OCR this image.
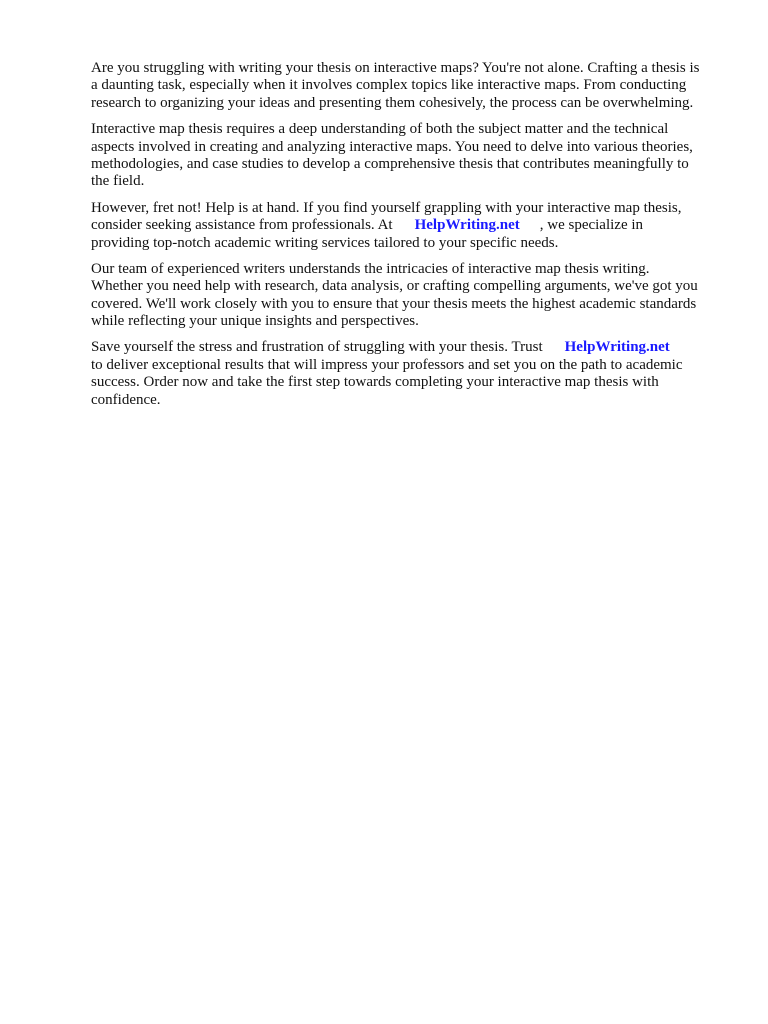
Are you struggling with writing your thesis on interactive maps? You're not alone. Crafting a thesis is
a daunting task, especially when it involves complex topics like interactive maps. From conducting
research to organizing your ideas and presenting them cohesively, the process can be overwhelming.

Interactive map thesis requires a deep understanding of both the subject matter and the technical
aspects involved in creating and analyzing interactive maps. You need to delve into various theories,
methodologies, and case studies to develop a comprehensive thesis that contributes meaningfully to
the field.

However, fret not! Help is at hand. If you find yourself grappling with your interactive map thesis,
consider seeking assistance from professionals. At HelpWriting.net , we specialize in
providing top-notch academic writing services tailored to your specific needs.

Our team of experienced writers understands the intricacies of interactive map thesis writing.
Whether you need help with research, data analysis, or crafting compelling arguments, we've got you
covered. We'll work closely with you to ensure that your thesis meets the highest academic standards
while reflecting your unique insights and perspectives.

Save yourself the stress and frustration of struggling with your thesis. Trust HelpWriting.net
to deliver exceptional results that will impress your professors and set you on the path to academic
success. Order now and take the first step towards completing your interactive map thesis with
confidence.
